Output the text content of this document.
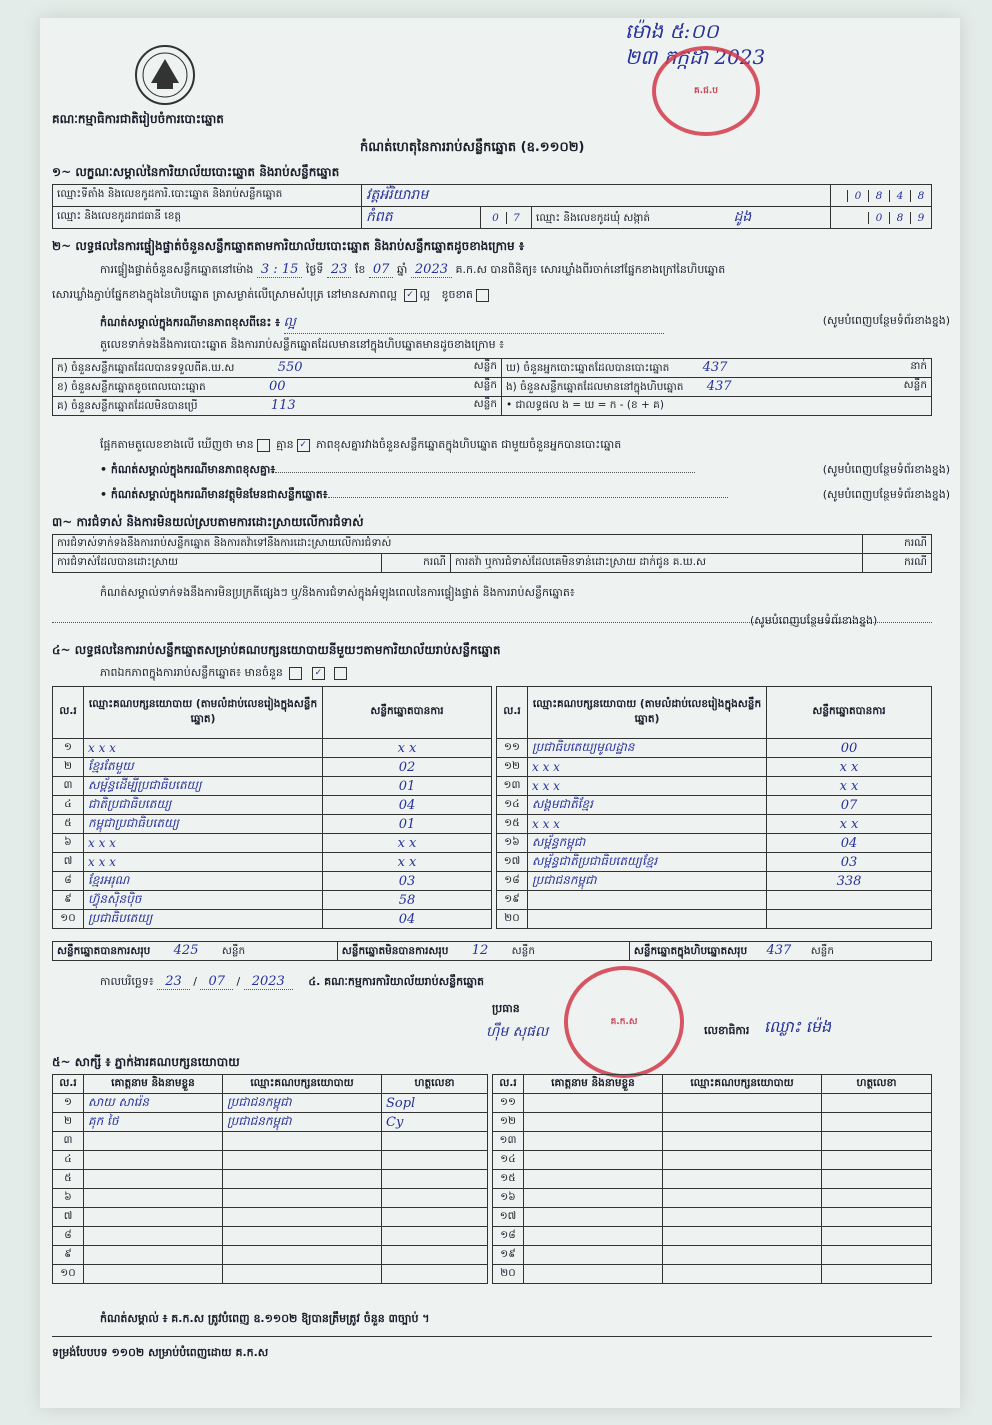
គណៈកម្មាធិការជាតិរៀបចំការបោះឆ្នោត
ម៉ោង ៥:០០
២៣ កក្កដា 2023
គ.ជ.ប
កំណត់ហេតុនៃការរាប់សន្លឹកឆ្នោត (ឧ.១១០២)
១~ លក្ខណៈសម្គាល់នៃការិយាល័យបោះឆ្នោត និងរាប់សន្លឹកឆ្នោត
ឈ្មោះទីតាំង និងលេខកូដការិ.បោះឆ្នោត និងរាប់សន្លឹកឆ្នោត	វត្តអ័រិយារាម			0 8 4 8
ឈ្មោះ និងលេខកូដរាជធានី ខេត្ត	កំពត	0 7	ឈ្មោះ និងលេខកូដឃុំ សង្កាត់ ដូង	0 8 9
២~ លទ្ធផលនៃការផ្ទៀងផ្ទាត់ចំនួនសន្លឹកឆ្នោតតាមការិយាល័យបោះឆ្នោត និងរាប់សន្លឹកឆ្នោតដូចខាងក្រោម ៖
ការផ្ទៀងផ្ទាត់ចំនួនសន្លឹកឆ្នោតនៅម៉ោង 3 : 15 ថ្ងៃទី 23 ខែ 07 ឆ្នាំ 2023 គ.ក.ស បានពិនិត្យ៖ សោរឃ្លាំងពីរចាក់នៅផ្នែកខាងក្រៅនៃហិបឆ្នោត
សោរឃ្លាំងភ្ជាប់ផ្នែកខាងក្នុងនៃហិបឆ្នោត ត្រាសម្ងាត់លើស្រោមសំបុត្រ នៅមានសភាពល្អ ✓ ល្អ ខូចខាត
កំណត់សម្គាល់ក្នុងករណីមានភាពខុសពីនេះ ៖ ល្អ	(សូមបំពេញបន្ថែមទំព័រខាងខ្នង)
តួលេខទាក់ទងនឹងការបោះឆ្នោត និងការរាប់សន្លឹកឆ្នោតដែលមាននៅក្នុងហិបឆ្នោតមានដូចខាងក្រោម ៖
ក) ចំនួនសន្លឹកឆ្នោតដែលបានទទួលពីគ.ឃ.ស 550 សន្លឹក	ឃ) ចំនួនអ្នកបោះឆ្នោតដែលបានបោះឆ្នោត 437 នាក់

ខ) ចំនួនសន្លឹកឆ្នោតខូចពេលបោះឆ្នោត 00 សន្លឹក	ង) ចំនួនសន្លឹកឆ្នោតដែលមាននៅក្នុងហិបឆ្នោត 437 សន្លឹក

គ) ចំនួនសន្លឹកឆ្នោតដែលមិនបានប្រើ 113 សន្លឹក	• ជាលទ្ធផល ង = ឃ = ក - (ខ + គ)
ផ្អែកតាមតួលេខខាងលើ ឃើញថា មាន គ្មាន ✓ ភាពខុសគ្នារវាងចំនួនសន្លឹកឆ្នោតក្នុងហិបឆ្នោត ជាមួយចំនួនអ្នកបានបោះឆ្នោត
• កំណត់សម្គាល់ក្នុងករណីមានភាពខុសគ្នា៖	(សូមបំពេញបន្ថែមទំព័រខាងខ្នង)
• កំណត់សម្គាល់ក្នុងករណីមានវត្ថុមិនមែនជាសន្លឹកឆ្នោត៖	(សូមបំពេញបន្ថែមទំព័រខាងខ្នង)
៣~ ការជំទាស់ និងការមិនយល់ស្របតាមការដោះស្រាយលើការជំទាស់
ការជំទាស់ទាក់ទងនឹងការរាប់សន្លឹកឆ្នោត និងការតវ៉ាទៅនឹងការដោះស្រាយលើការជំទាស់			ករណី
ការជំទាស់ដែលបានដោះស្រាយ	ករណី	ការតវ៉ា ឬការជំទាស់ដែលគេមិនទាន់ដោះស្រាយ ដាក់ជូន គ.ឃ.ស	ករណី
កំណត់សម្គាល់ទាក់ទងនឹងការមិនប្រក្រតីផ្សេងៗ ឬ/និងការជំទាស់ក្នុងអំឡុងពេលនៃការផ្ទៀងផ្ទាត់ និងការរាប់សន្លឹកឆ្នោត៖
(សូមបំពេញបន្ថែមទំព័រខាងខ្នង)
៤~ លទ្ធផលនៃការរាប់សន្លឹកឆ្នោតសម្រាប់គណបក្សនយោបាយនីមួយៗតាមការិយាល័យរាប់សន្លឹកឆ្នោត
ភាពឯកភាពក្នុងការរាប់សន្លឹកឆ្នោត៖ មានចំនួន	✓
ល.រ	ឈ្មោះគណបក្សនយោបាយ (តាមលំដាប់លេខរៀងក្នុងសន្លឹកឆ្នោត)	សន្លឹកឆ្នោតបានការ
១	x x x	x x
២	ខ្មែរតែមួយ	02
៣	សម្ព័ន្ធដើម្បីប្រជាធិបតេយ្យ	01
៤	ជាតិប្រជាធិបតេយ្យ	04
៥	កម្ពុជាប្រជាធិបតេយ្យ	01
៦	x x x	x x
៧	x x x	x x
៨	ខ្មែរអរុណ	03
៩	ហ៊្វុនស៊ិនប៉ិច	58
១០	ប្រជាធិបតេយ្យ	04
ល.រ	ឈ្មោះគណបក្សនយោបាយ (តាមលំដាប់លេខរៀងក្នុងសន្លឹកឆ្នោត)	សន្លឹកឆ្នោតបានការ
១១	ប្រជាធិបតេយ្យមូលដ្ឋាន	00
១២	x x x	x x
១៣	x x x	x x
១៤	សង្គមជាតិខ្មែរ	07
១៥	x x x	x x
១៦	សម្ព័ន្ធកម្ពុជា	04
១៧	សម្ព័ន្ធជាតិប្រជាធិបតេយ្យខ្មែរ	03
១៨	ប្រជាជនកម្ពុជា	338
១៩		
២០		
សន្លឹកឆ្នោតបានការសរុប 425 សន្លឹក	សន្លឹកឆ្នោតមិនបានការសរុប 12 សន្លឹក	សន្លឹកឆ្នោតក្នុងហិបឆ្នោតសរុប 437 សន្លឹក
កាលបរិច្ឆេទ៖ 23 / 07 / 2023 ៤. គណៈកម្មការការិយាល័យរាប់សន្លឹកឆ្នោត
គ.ក.ស
ប្រធាន
ហ៊ឹម សុផល	លេខាធិការ ឈ្លោះ ម៉េង
៥~ សាក្សី ៖ ភ្នាក់ងារគណបក្សនយោបាយ
ល.រ	គោត្តនាម និងនាមខ្លួន	ឈ្មោះគណបក្សនយោបាយ	ហត្ថលេខា
១	សាយ សារ៉េន	ប្រជាជនកម្ពុជា	Sopl
២	គុក ថៃ	ប្រជាជនកម្ពុជា	Cy
៣			
៤			
៥			
៦			
៧			
៨			
៩			
១០			
ល.រ	គោត្តនាម និងនាមខ្លួន	ឈ្មោះគណបក្សនយោបាយ	ហត្ថលេខា
១១			
១២			
១៣			
១៤			
១៥			
១៦			
១៧			
១៨			
១៩			
២០			
កំណត់សម្គាល់ ៖ គ.ក.ស ត្រូវបំពេញ ឧ.១១០២ ឱ្យបានត្រឹមត្រូវ ចំនួន ៣ច្បាប់ ។
ទម្រង់បែបបទ ១១០២ សម្រាប់បំពេញដោយ គ.ក.ស
